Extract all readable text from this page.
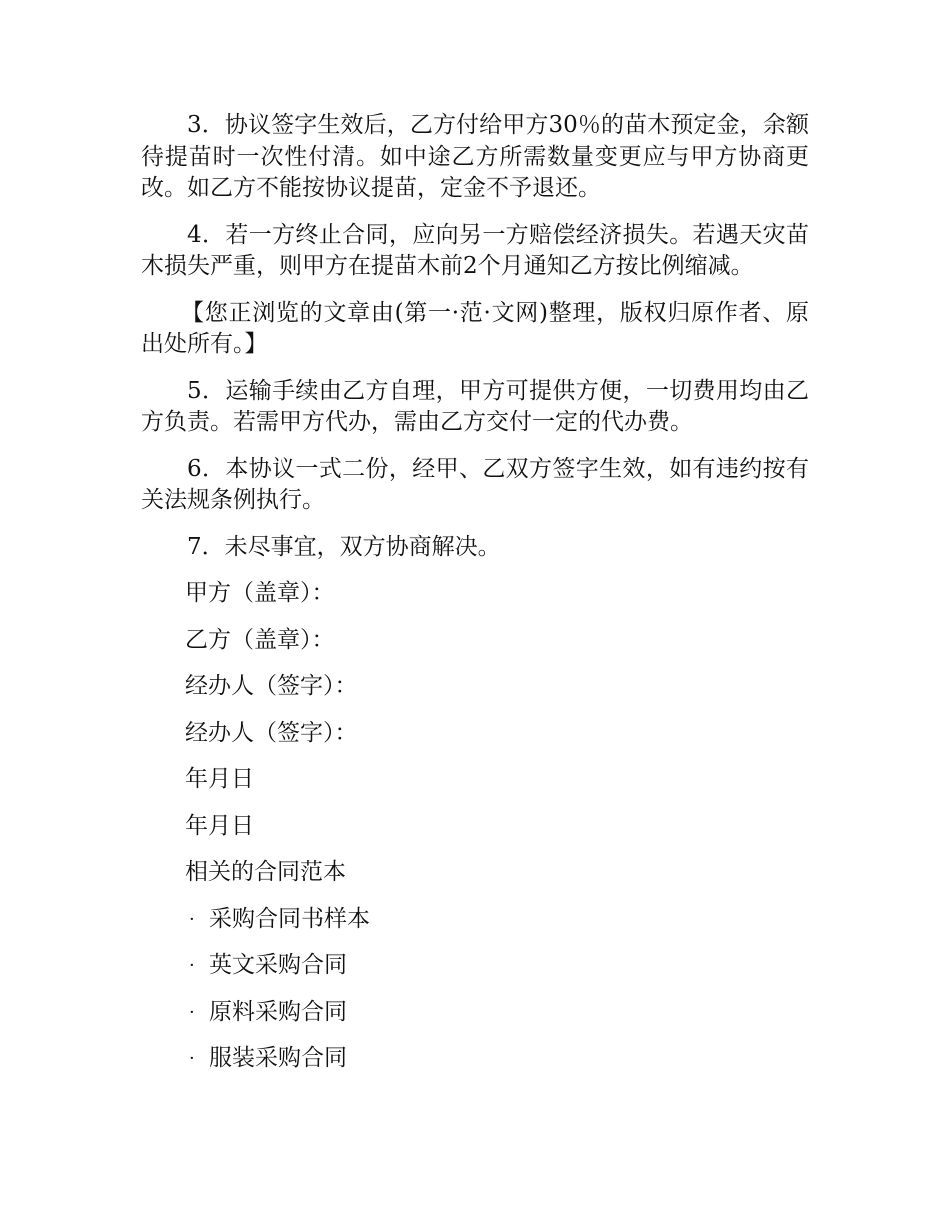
3．协议签字生效后，乙方付给甲方30％的苗木预定金，余额待提苗时一次性付清。如中途乙方所需数量变更应与甲方协商更改。如乙方不能按协议提苗，定金不予退还。

4．若一方终止合同，应向另一方赔偿经济损失。若遇天灾苗木损失严重，则甲方在提苗木前2个月通知乙方按比例缩减。

【您正浏览的文章由(第一·范·文网)整理，版权归原作者、原出处所有。】

5．运输手续由乙方自理，甲方可提供方便，一切费用均由乙方负责。若需甲方代办，需由乙方交付一定的代办费。

6．本协议一式二份，经甲、乙双方签字生效，如有违约按有关法规条例执行。

7．未尽事宜，双方协商解决。

甲方（盖章）：
乙方（盖章）：
经办人（签字）：
经办人（签字）：
年月日
年月日
相关的合同范本
· 采购合同书样本
· 英文采购合同
· 原料采购合同
· 服装采购合同
